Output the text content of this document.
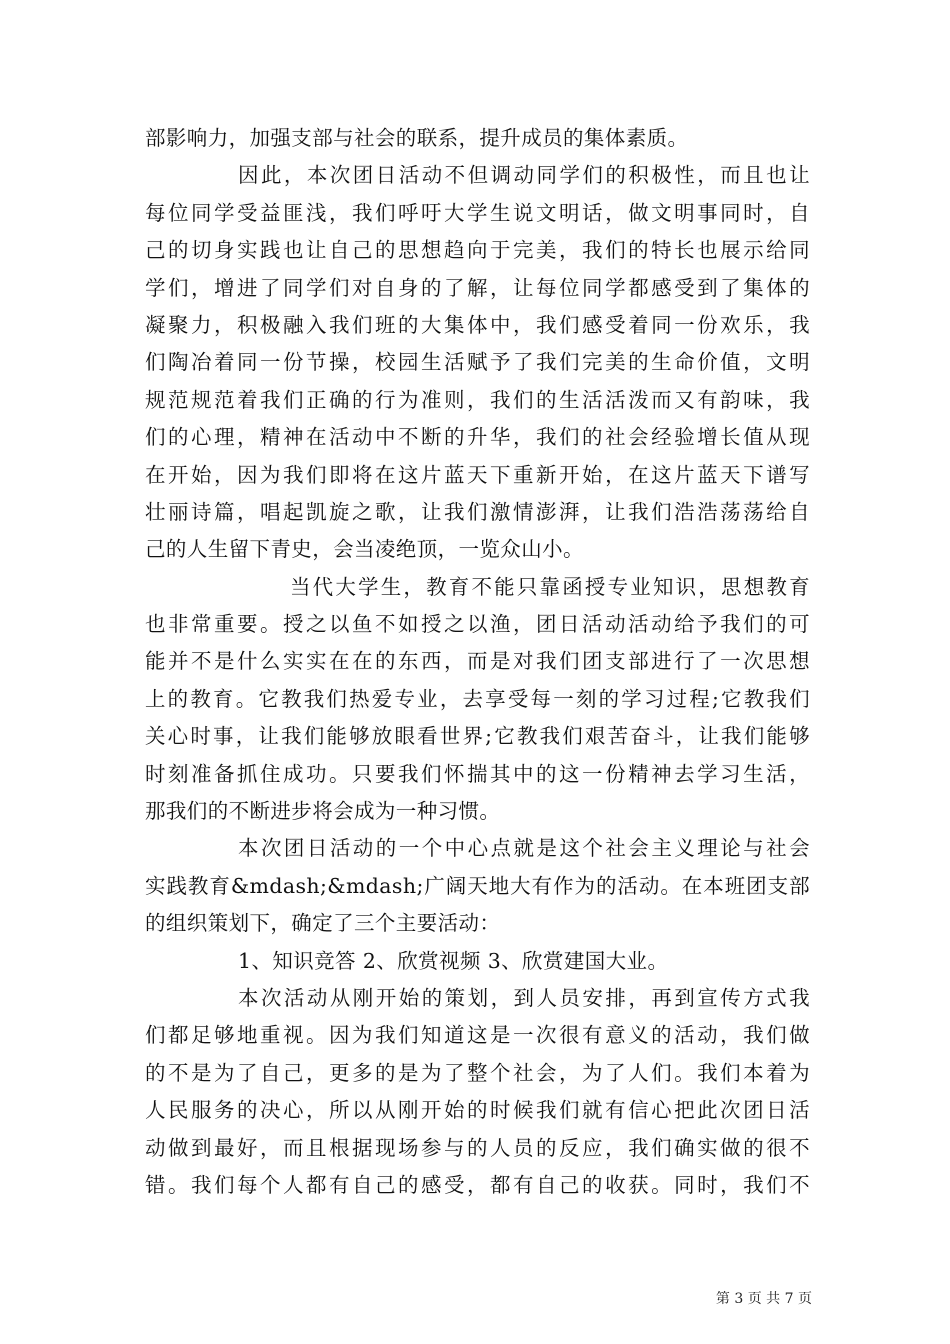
部影响力，加强支部与社会的联系，提升成员的集体素质。
因此，本次团日活动不但调动同学们的积极性，而且也让
每位同学受益匪浅，我们呼吁大学生说文明话，做文明事同时，自
己的切身实践也让自己的思想趋向于完美，我们的特长也展示给同
学们，增进了同学们对自身的了解，让每位同学都感受到了集体的
凝聚力，积极融入我们班的大集体中，我们感受着同一份欢乐，我
们陶冶着同一份节操，校园生活赋予了我们完美的生命价值，文明
规范规范着我们正确的行为准则，我们的生活活泼而又有韵味，我
们的心理，精神在活动中不断的升华，我们的社会经验增长值从现
在开始，因为我们即将在这片蓝天下重新开始，在这片蓝天下谱写
壮丽诗篇，唱起凯旋之歌，让我们激情澎湃，让我们浩浩荡荡给自
己的人生留下青史，会当凌绝顶，一览众山小。
当代大学生，教育不能只靠函授专业知识，思想教育
也非常重要。授之以鱼不如授之以渔，团日活动活动给予我们的可
能并不是什么实实在在的东西，而是对我们团支部进行了一次思想
上的教育。它教我们热爱专业，去享受每一刻的学习过程;它教我们
关心时事，让我们能够放眼看世界;它教我们艰苦奋斗，让我们能够
时刻准备抓住成功。只要我们怀揣其中的这一份精神去学习生活，
那我们的不断进步将会成为一种习惯。
本次团日活动的一个中心点就是这个社会主义理论与社会
实践教育&mdash;&mdash;广阔天地大有作为的活动。在本班团支部
的组织策划下，确定了三个主要活动：
1、知识竞答 2、欣赏视频 3、欣赏建国大业。
本次活动从刚开始的策划，到人员安排，再到宣传方式我
们都足够地重视。因为我们知道这是一次很有意义的活动，我们做
的不是为了自己，更多的是为了整个社会，为了人们。我们本着为
人民服务的决心，所以从刚开始的时候我们就有信心把此次团日活
动做到最好，而且根据现场参与的人员的反应，我们确实做的很不
错。我们每个人都有自己的感受，都有自己的收获。同时，我们不
第 3 页 共 7 页
